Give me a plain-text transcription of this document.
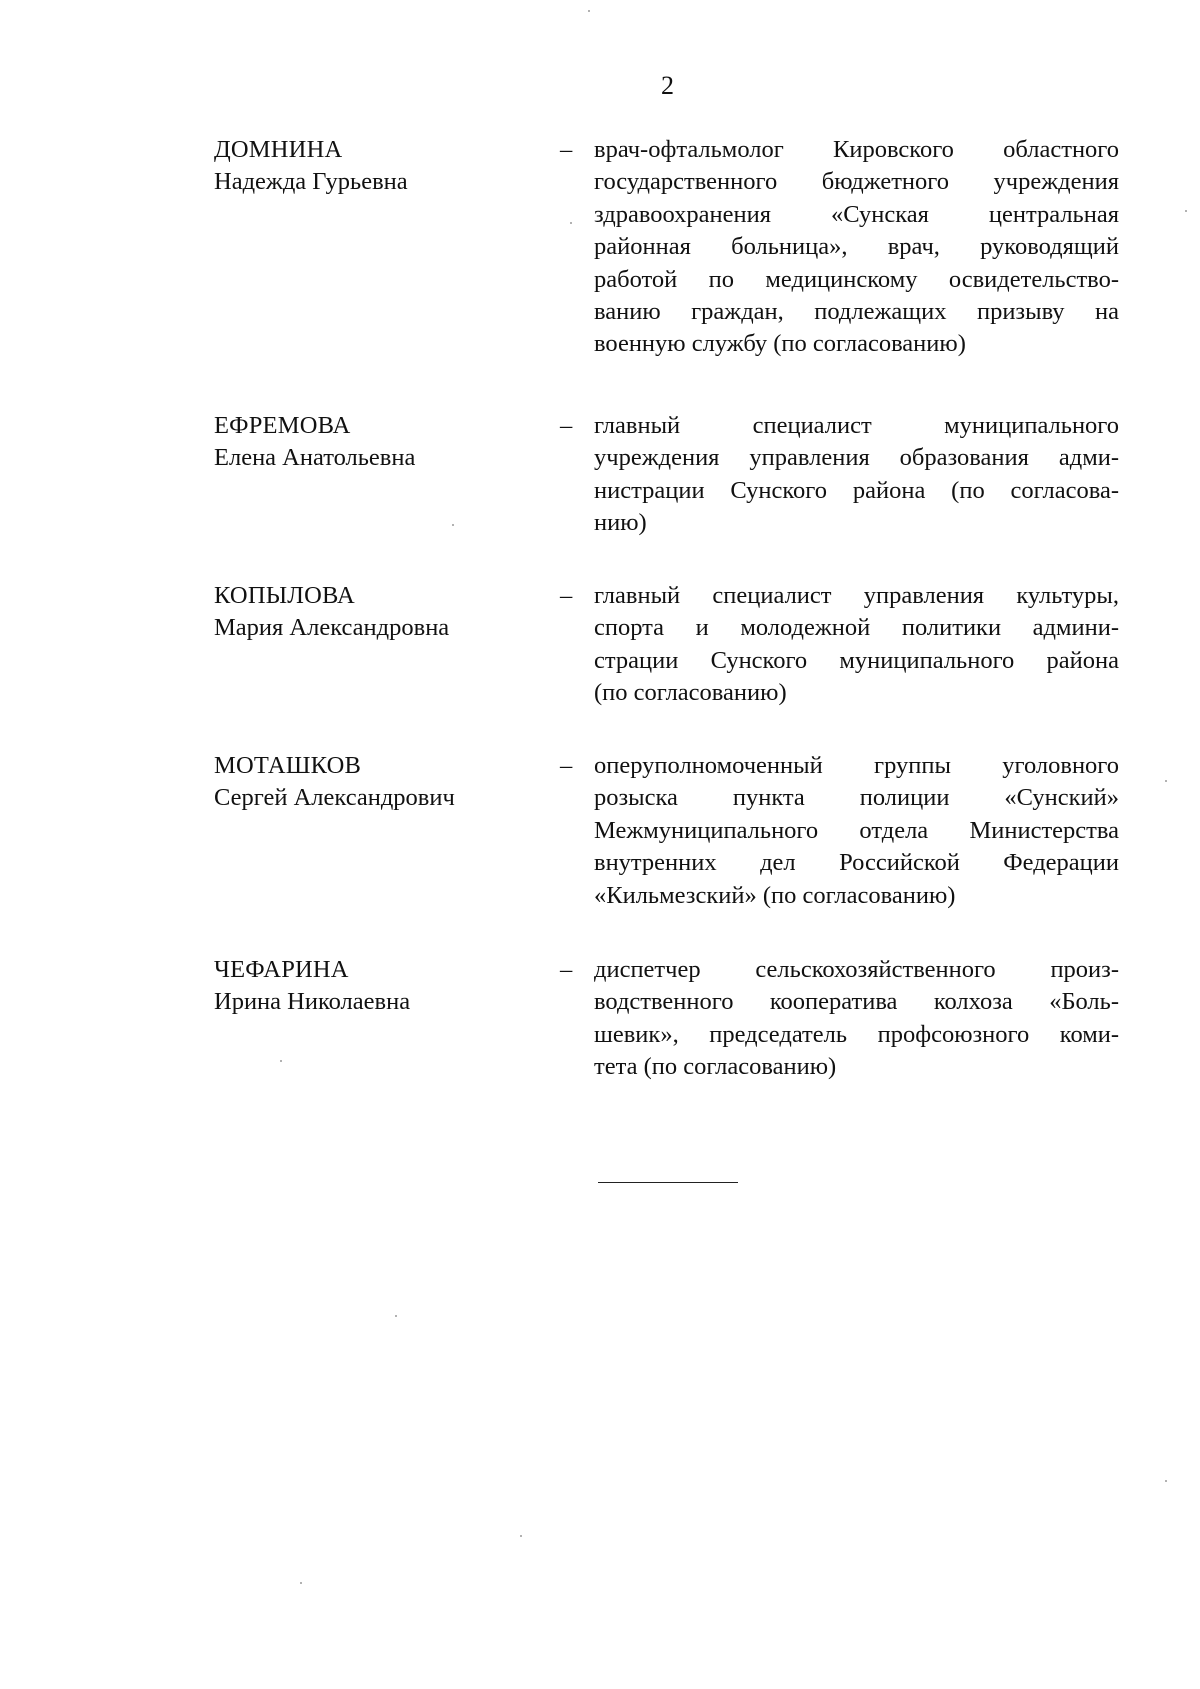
2
ДОМНИНА
Надежда Гурьевна
– врач-офтальмолог Кировского областного
государственного бюджетного учреждения
здравоохранения «Сунская центральная
районная больница», врач, руководящий
работой по медицинскому освидетельство-
ванию граждан, подлежащих призыву на
военную службу (по согласованию)
ЕФРЕМОВА
Елена Анатольевна
– главный специалист муниципального
учреждения управления образования адми-
нистрации Сунского района (по согласова-
нию)
КОПЫЛОВА
Мария Александровна
– главный специалист управления культуры,
спорта и молодежной политики админи-
страции Сунского муниципального района
(по согласованию)
МОТАШКОВ
Сергей Александрович
– оперуполномоченный группы уголовного
розыска пункта полиции «Сунский»
Межмуниципального отдела Министерства
внутренних дел Российской Федерации
«Кильмезский» (по согласованию)
ЧЕФАРИНА
Ирина Николаевна
– диспетчер сельскохозяйственного произ-
водственного кооператива колхоза «Боль-
шевик», председатель профсоюзного коми-
тета (по согласованию)
